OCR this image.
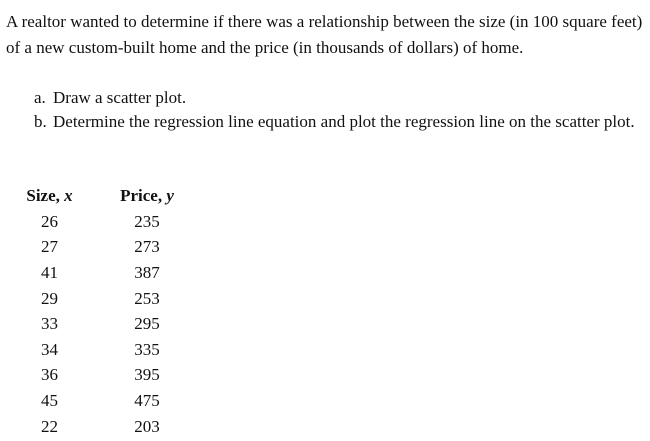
A realtor wanted to determine if there was a relationship between the size (in 100 square feet) of a new custom-built home and the price (in thousands of dollars) of home.

a. Draw a scatter plot.
b. Determine the regression line equation and plot the regression line on the scatter plot.
Size, x	Price, y
26	235
27	273
41	387
29	253
33	295
34	335
36	395
45	475
22	203
